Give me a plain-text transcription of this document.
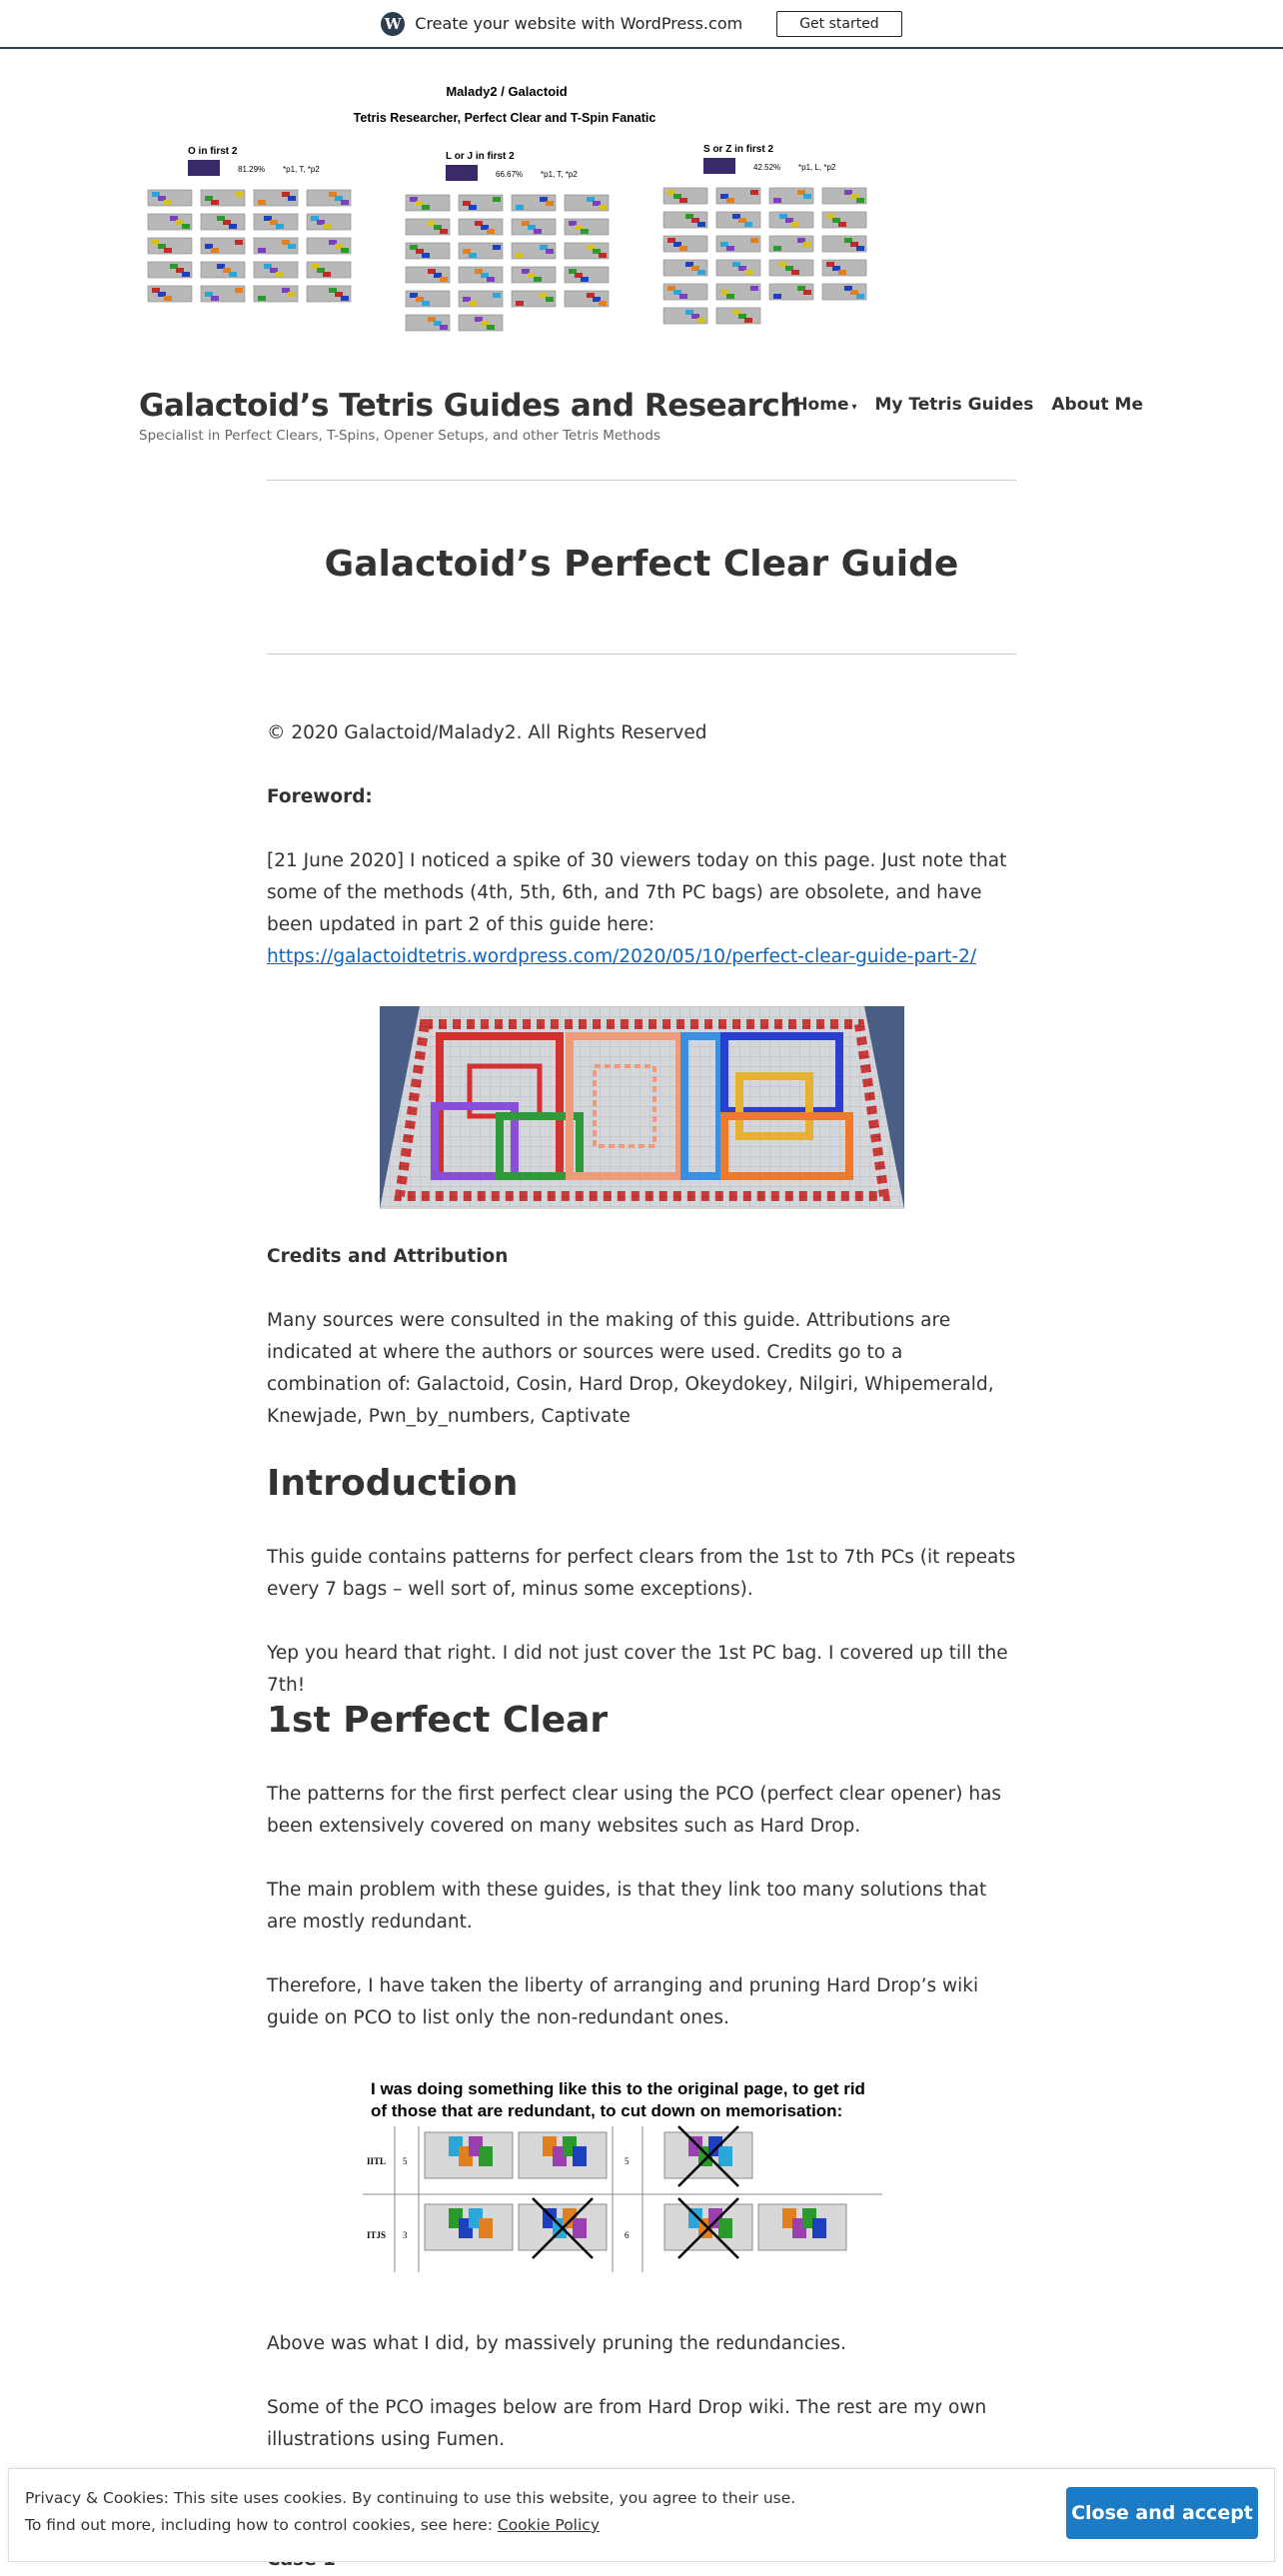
W Create your website with WordPress.com	Get started
Malady2 / Galactoid
Tetris Researcher, Perfect Clear and T-Spin Fanatic
O in first 2
81.29% *p1, T, *p2
L or J in first 2
66.67% *p1, T, *p2
S or Z in first 2
42.52% *p1, L, *p2
Galactoid’s Tetris Guides and Research
Specialist in Perfect Clears, T-Spins, Opener Setups, and other Tetris Methods
Home ▾ My Tetris Guides About Me
Galactoid’s Perfect Clear Guide

© 2020 Galactoid/Malady2. All Rights Reserved

Foreword:

[21 June 2020] I noticed a spike of 30 viewers today on this page. Just note that some of the methods (4th, 5th, 6th, and 7th PC bags) are obsolete, and have been updated in part 2 of this guide here: https://galactoidtetris.wordpress.com/2020/05/10/perfect-clear-guide-part-2/

Credits and Attribution

Many sources were consulted in the making of this guide. Attributions are indicated at where the authors or sources were used. Credits go to a combination of: Galactoid, Cosin, Hard Drop, Okeydokey, Nilgiri, Whipemerald, Knewjade, Pwn_by_numbers, Captivate

Introduction

This guide contains patterns for perfect clears from the 1st to 7th PCs (it repeats every 7 bags – well sort of, minus some exceptions).

Yep you heard that right. I did not just cover the 1st PC bag. I covered up till the 7th!

1st Perfect Clear

The patterns for the first perfect clear using the PCO (perfect clear opener) has been extensively covered on many websites such as Hard Drop.

The main problem with these guides, is that they link too many solutions that are mostly redundant.

Therefore, I have taken the liberty of arranging and pruning Hard Drop’s wiki guide on PCO to list only the non-redundant ones.

I was doing something like this to the original page, to get rid
of those that are redundant, to cut down on memorisation:
IITL 5	5
ITJS 3	6

Above was what I did, by massively pruning the redundancies.

Some of the PCO images below are from Hard Drop wiki. The rest are my own illustrations using Fumen.

Privacy & Cookies: This site uses cookies. By continuing to use this website, you agree to their use.
To find out more, including how to control cookies, see here: Cookie Policy
Close and accept
